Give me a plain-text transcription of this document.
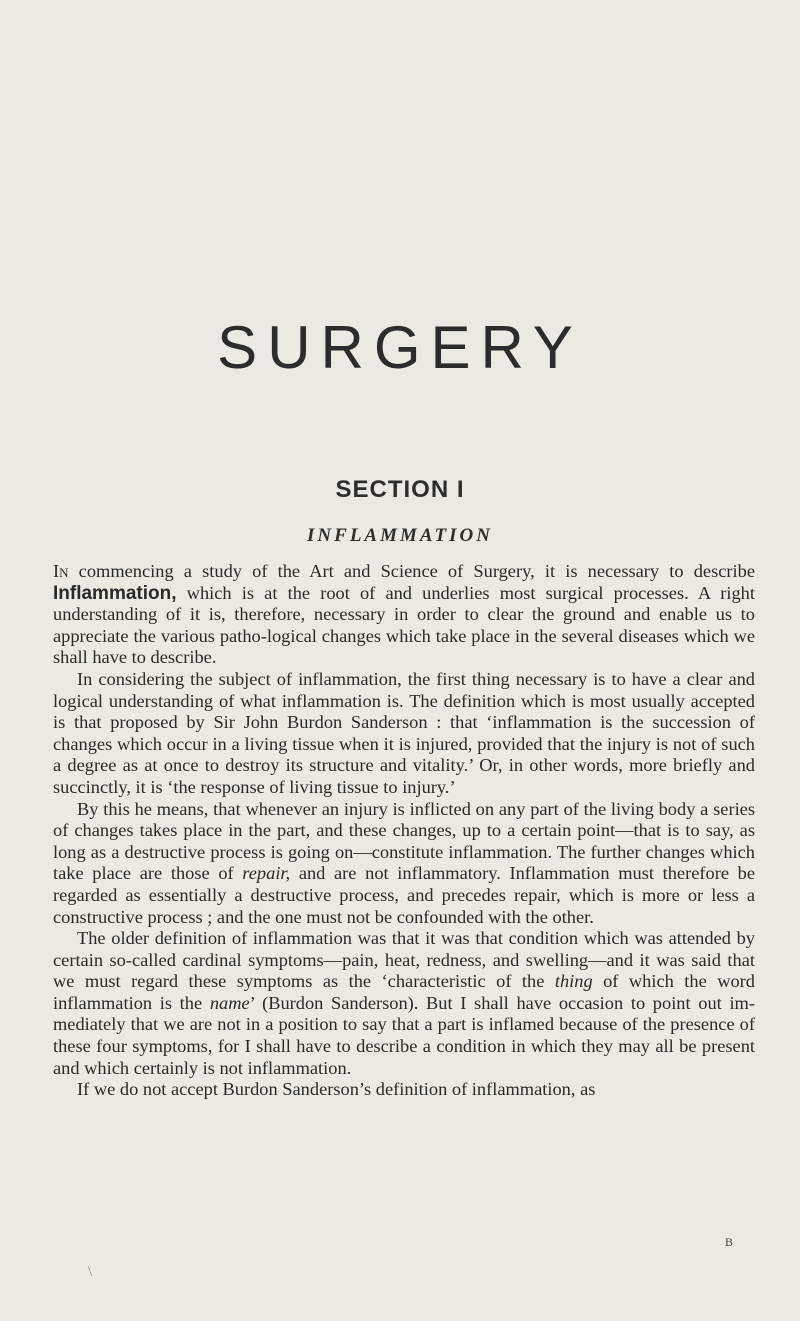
SURGERY
SECTION I
INFLAMMATION

In commencing a study of the Art and Science of Surgery, it is necessary to describe Inflammation, which is at the root of and underlies most surgical processes. A right understanding of it is, therefore, necessary in order to clear the ground and enable us to appreciate the various patho-logical changes which take place in the several diseases which we shall have to describe.

In considering the subject of inflammation, the first thing necessary is to have a clear and logical understanding of what inflammation is. The definition which is most usually accepted is that proposed by Sir John Burdon Sanderson : that ‘inflammation is the succession of changes which occur in a living tissue when it is injured, provided that the injury is not of such a degree as at once to destroy its structure and vitality.’ Or, in other words, more briefly and succinctly, it is ‘the response of living tissue to injury.’

By this he means, that whenever an injury is inflicted on any part of the living body a series of changes takes place in the part, and these changes, up to a certain point—that is to say, as long as a destructive process is going on—constitute inflammation. The further changes which take place are those of repair, and are not inflammatory. Inflammation must therefore be regarded as essentially a destructive process, and precedes repair, which is more or less a constructive process ; and the one must not be confounded with the other.

The older definition of inflammation was that it was that condition which was attended by certain so-called cardinal symptoms—pain, heat, redness, and swelling—and it was said that we must regard these symptoms as the ‘characteristic of the thing of which the word inflammation is the name’ (Burdon Sanderson). But I shall have occasion to point out im-mediately that we are not in a position to say that a part is inflamed because of the presence of these four symptoms, for I shall have to describe a condition in which they may all be present and which certainly is not inflammation.

If we do not accept Burdon Sanderson’s definition of inflammation, as

B
\
